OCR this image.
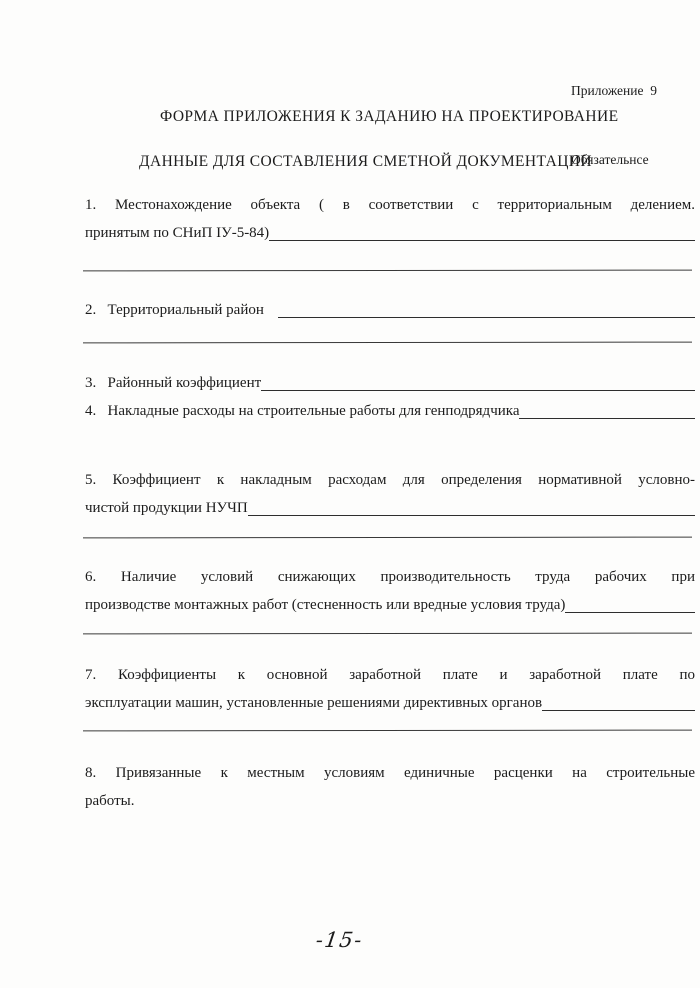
Приложение  9

Обязательнсе

ФОРМА ПРИЛОЖЕНИЯ К ЗАДАНИЮ НА ПРОЕКТИРОВАНИЕ
ДАННЫЕ ДЛЯ СОСТАВЛЕНИЯ СМЕТНОЙ ДОКУМЕНТАЦИИ
1. Местонахождение объекта ( в соответствии с территориальным делением.
принятым по СНиП IУ-5-84)
2.   Территориальный район
3.   Районный коэффициент
4.   Накладные расходы на строительные работы для генподрядчика
5. Коэффициент к накладным расходам для определения нормативной условно-
чистой продукции НУЧП
6. Наличие условий снижающих производительность труда рабочих при
производстве монтажных работ (стесненность или вредные условия труда)
7. Коэффициенты к основной заработной плате и заработной плате по
эксплуатации машин, установленные решениями директивных органов
8. Привязанные к местным условиям единичные расценки на строительные
работы.
-15-
